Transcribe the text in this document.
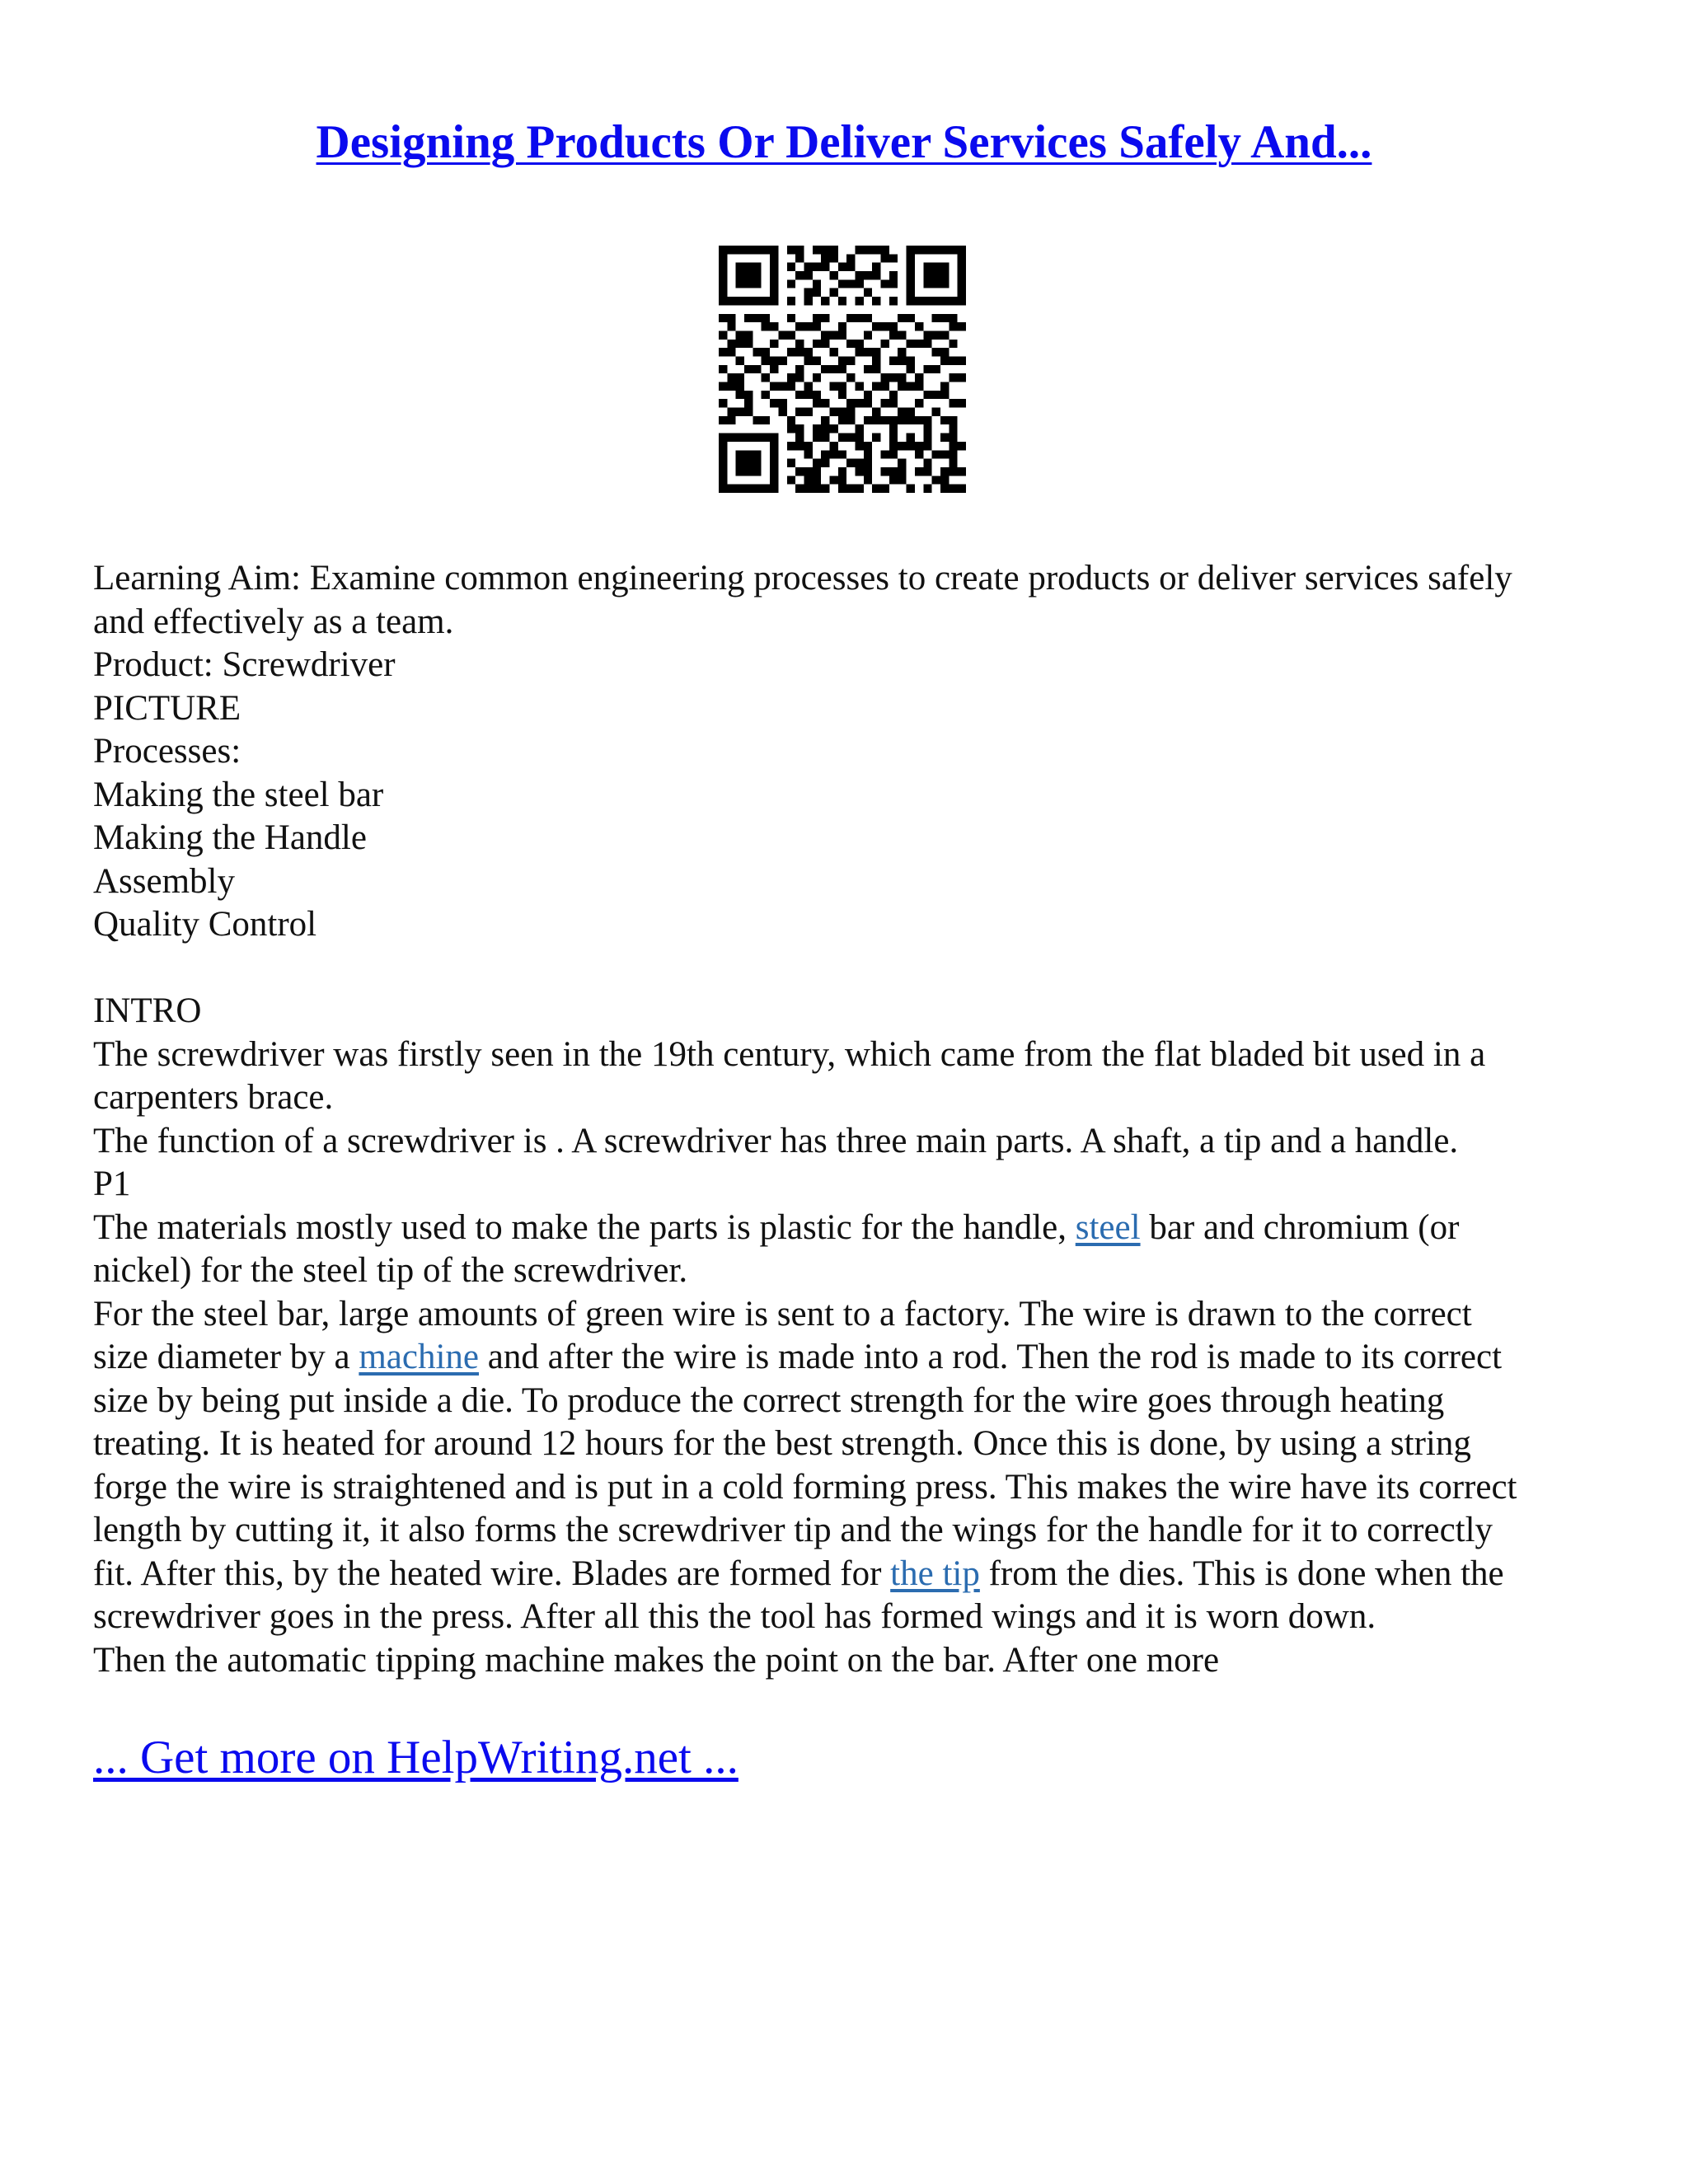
Designing Products Or Deliver Services Safely And...
Learning Aim: Examine common engineering processes to create products or deliver services safely
and effectively as a team.
Product: Screwdriver
PICTURE
Processes:
Making the steel bar
Making the Handle
Assembly
Quality Control
INTRO
The screwdriver was firstly seen in the 19th century, which came from the flat bladed bit used in a
carpenters brace.
The function of a screwdriver is . A screwdriver has three main parts. A shaft, a tip and a handle.
P1
The materials mostly used to make the parts is plastic for the handle, steel bar and chromium (or
nickel) for the steel tip of the screwdriver.
For the steel bar, large amounts of green wire is sent to a factory. The wire is drawn to the correct
size diameter by a machine and after the wire is made into a rod. Then the rod is made to its correct
size by being put inside a die. To produce the correct strength for the wire goes through heating
treating. It is heated for around 12 hours for the best strength. Once this is done, by using a string
forge the wire is straightened and is put in a cold forming press. This makes the wire have its correct
length by cutting it, it also forms the screwdriver tip and the wings for the handle for it to correctly
fit. After this, by the heated wire. Blades are formed for the tip from the dies. This is done when the
screwdriver goes in the press. After all this the tool has formed wings and it is worn down.
Then the automatic tipping machine makes the point on the bar. After one more
... Get more on HelpWriting.net ...
